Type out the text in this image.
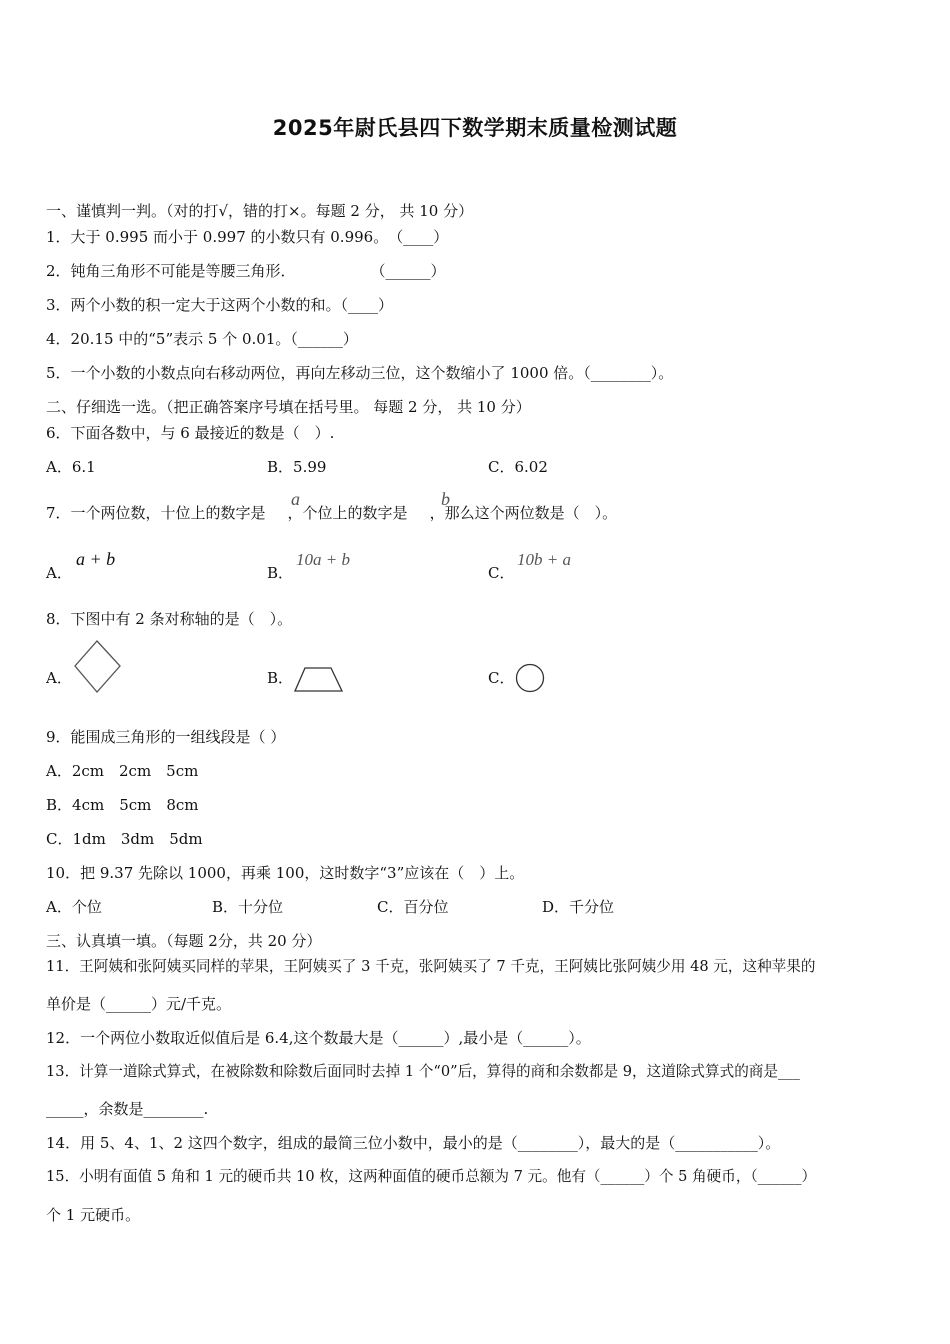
2025年尉氏县四下数学期末质量检测试题
一、谨慎判一判。（对的打√，错的打×。每题 2 分， 共 10 分）
1．大于 0.995 而小于 0.997 的小数只有 0.996。　（____）
2．钝角三角形不可能是等腰三角形．　　　　　　（______）
3．两个小数的积一定大于这两个小数的和。（____）
4．20.15 中的“5”表示 5 个 0.01。（______）
5．一个小数的小数点向右移动两位，再向左移动三位，这个数缩小了 1000 倍。（________）。
二、仔细选一选。（把正确答案序号填在括号里。 每题 2 分， 共 10 分）
6．下面各数中，与 6 最接近的数是（　）.
A．6.1	B．5.99	C．6.02
7．一个两位数，十位上的数字是 ，个位上的数字是 ，那么这个两位数是（　）。
a	b
A．
a + b
B．
10a + b
C．
10b + a
8．下图中有 2 条对称轴的是（　）。
A．	B．	C．
9．能围成三角形的一组线段是（ ）
A．2cm　2cm　5cm
B．4cm　5cm　8cm
C．1dm　3dm　5dm
10．把 9.37 先除以 1000，再乘 100，这时数字“3”应该在（　）上。
A．个位	B．十分位	C．百分位	D．千分位
三、认真填一填。（每题 2分，共 20 分）
11．王阿姨和张阿姨买同样的苹果，王阿姨买了 3 千克，张阿姨买了 7 千克，王阿姨比张阿姨少用 48 元，这种苹果的
单价是（______）元/千克。
12．一个两位小数取近似值后是 6.4,这个数最大是（______）,最小是（______）。
13．计算一道除式算式，在被除数和除数后面同时去掉 1 个“0”后，算得的商和余数都是 9，这道除式算式的商是___
_____，余数是________.
14．用 5、4、1、2 这四个数字，组成的最简三位小数中，最小的是（________），最大的是（___________）。
15．小明有面值 5 角和 1 元的硬币共 10 枚，这两种面值的硬币总额为 7 元。他有（______）个 5 角硬币，（______）
个 1 元硬币。
